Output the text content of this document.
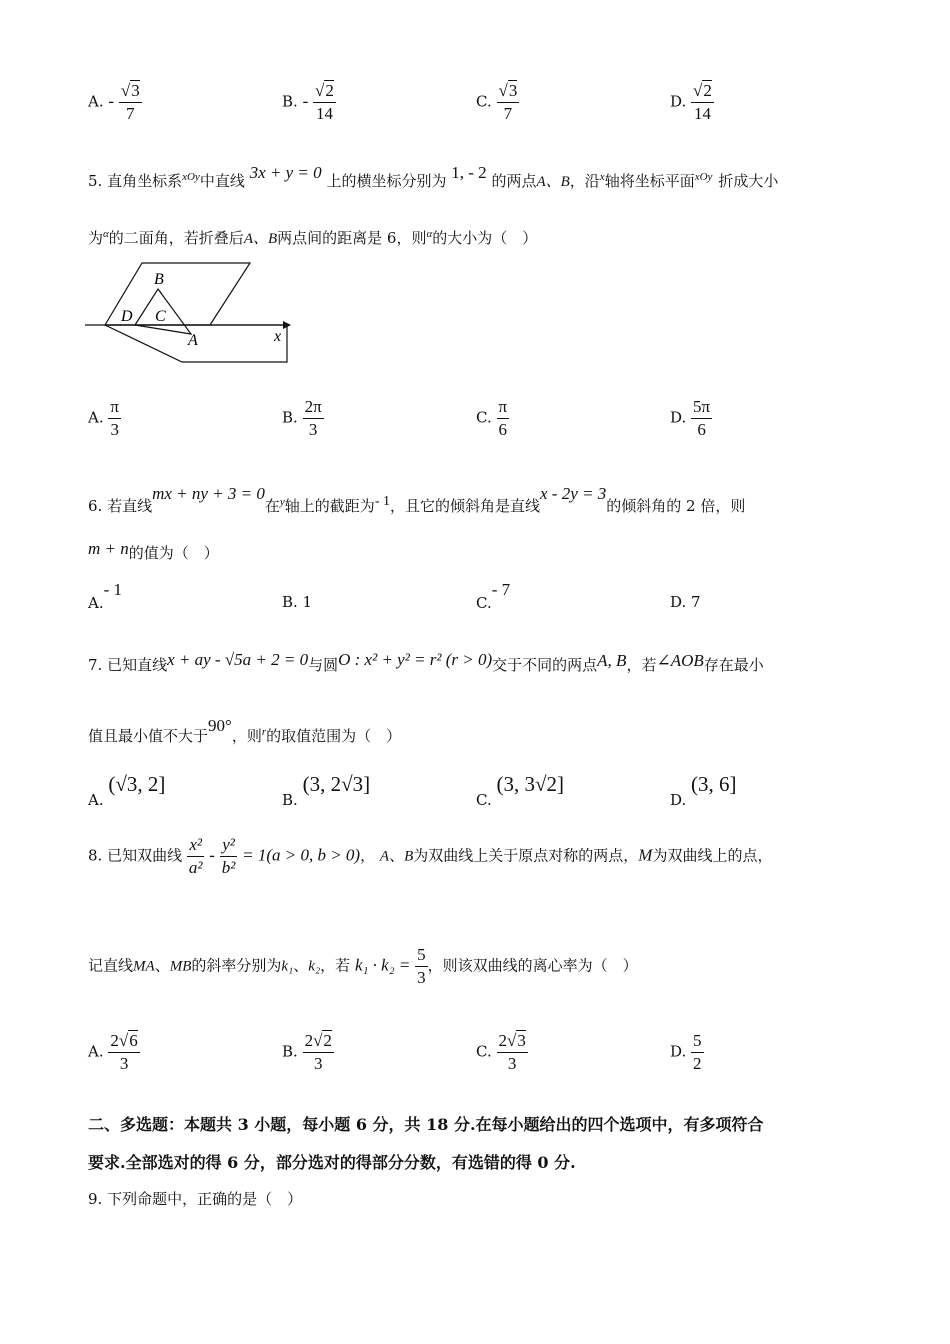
A. - $\frac{√3}{7}$	B. - $\frac{√2}{14}$	C. $\frac{√3}{7}$	D. $\frac{√2}{14}$
5. 直角坐标系$^{xOy}$中直线 3x + y = 0 上的横坐标分别为 1, - 2 的两点A、B，沿$^x$轴将坐标平面$^{xOy}$ 折成大小
为$^\alpha$的二面角，若折叠后A、B两点间的距离是 6，则$^\alpha$的大小为（　）
B
D C
A	x
A. $\frac{\pi}{3}$	B. $\frac{2\pi}{3}$	C. $\frac{\pi}{6}$	D. $\frac{5\pi}{6}$
6. 若直线mx + ny + 3 = 0在$^y$轴上的截距为- 1，且它的倾斜角是直线x - 2y = 3的倾斜角的 2 倍，则
m + n的值为（　）
A.- 1
B. 1	C.- 7
D. 7
7. 已知直线x + ay - √5a + 2 = 0与圆O : x² + y² = r² (r > 0)交于不同的两点A, B，若∠AOB存在最小
值且最小值不大于90°，则$^r$的取值范围为（　）
A. (√3, 2]
B. (3, 2√3]
C. (3, 3√2]
D. (3, 6]
8. 已知双曲线 $\frac{\text{x²}}{\text{a²}} - \frac{\text{y²}}{\text{b²}} = 1(a > 0$, b > 0)， A、B为双曲线上关于原点对称的两点，M为双曲线上的点，
记直线MA、MB的斜率分别为k₁、k₂，若 $k_1 \cdot k_2 = \frac{5}{3}$ ，则该双曲线的离心率为（　）
A. $\frac{2√6}{3}$	B. $\frac{2√2}{3}$	C. $\frac{2√3}{3}$	D. $\frac{5}{2}$
二、多选题：本题共 3 小题，每小题 6 分，共 18 分.在每小题给出的四个选项中，有多项符合
要求.全部选对的得 6 分，部分选对的得部分分数，有选错的得 0 分.
9. 下列命题中，正确的是（　）
